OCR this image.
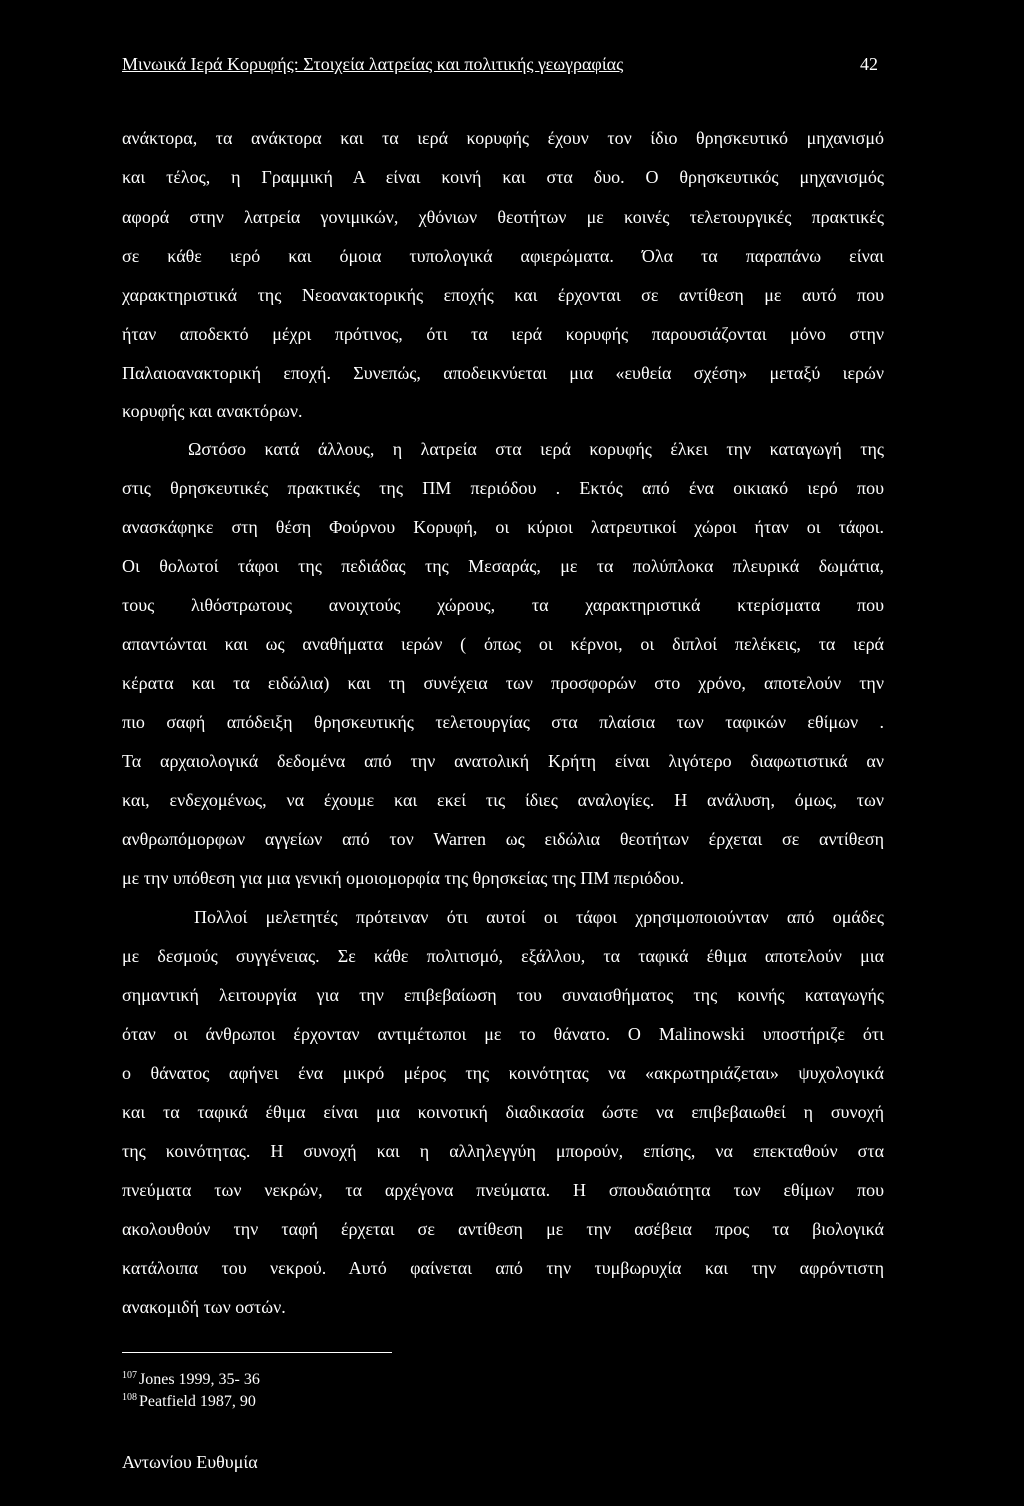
Μινωικά Ιερά Κορυφής: Στοιχεία λατρείας και πολιτικής γεωγραφίας	42
ανάκτορα, τα ανάκτορα και τα ιερά κορυφής έχουν τον ίδιο θρησκευτικό μηχανισμό
και τέλος, η Γραμμική Α είναι κοινή και στα δυο. Ο θρησκευτικός μηχανισμός
αφορά στην λατρεία γονιμικών, χθόνιων θεοτήτων με κοινές τελετουργικές πρακτικές
σε κάθε ιερό και όμοια τυπολογικά αφιερώματα. Όλα τα παραπάνω είναι
χαρακτηριστικά της Νεοανακτορικής εποχής και έρχονται σε αντίθεση με αυτό που
ήταν αποδεκτό μέχρι πρότινος, ότι τα ιερά κορυφής παρουσιάζονται μόνο στην
Παλαιοανακτορική εποχή. Συνεπώς, αποδεικνύεται μια «ευθεία σχέση» μεταξύ ιερών
κορυφής και ανακτόρων.
Ωστόσο κατά άλλους, η λατρεία στα ιερά κορυφής έλκει την καταγωγή της
στις θρησκευτικές πρακτικές της ΠΜ περιόδου . Εκτός από ένα οικιακό ιερό που
ανασκάφηκε στη θέση Φούρνου Κορυφή, οι κύριοι λατρευτικοί χώροι ήταν οι τάφοι.
Οι θολωτοί τάφοι της πεδιάδας της Μεσαράς, με τα πολύπλοκα πλευρικά δωμάτια,
τους λιθόστρωτους ανοιχτούς χώρους, τα χαρακτηριστικά κτερίσματα που
απαντώνται και ως αναθήματα ιερών ( όπως οι κέρνοι, οι διπλοί πελέκεις, τα ιερά
κέρατα και τα ειδώλια) και τη συνέχεια των προσφορών στο χρόνο, αποτελούν την
πιο σαφή απόδειξη θρησκευτικής τελετουργίας στα πλαίσια των ταφικών εθίμων .
Τα αρχαιολογικά δεδομένα από την ανατολική Κρήτη είναι λιγότερο διαφωτιστικά αν
και, ενδεχομένως, να έχουμε και εκεί τις ίδιες αναλογίες. Η ανάλυση, όμως, των
ανθρωπόμορφων αγγείων από τον Warren ως ειδώλια θεοτήτων έρχεται σε αντίθεση
με την υπόθεση για μια γενική ομοιομορφία της θρησκείας της ΠΜ περιόδου.
Πολλοί μελετητές πρότειναν ότι αυτοί οι τάφοι χρησιμοποιούνταν από ομάδες
με δεσμούς συγγένειας. Σε κάθε πολιτισμό, εξάλλου, τα ταφικά έθιμα αποτελούν μια
σημαντική λειτουργία για την επιβεβαίωση του συναισθήματος της κοινής καταγωγής
όταν οι άνθρωποι έρχονταν αντιμέτωποι με το θάνατο. Ο Malinowski υποστήριζε ότι
ο θάνατος αφήνει ένα μικρό μέρος της κοινότητας να «ακρωτηριάζεται» ψυχολογικά
και τα ταφικά έθιμα είναι μια κοινοτική διαδικασία ώστε να επιβεβαιωθεί η συνοχή
της κοινότητας. Η συνοχή και η αλληλεγγύη μπορούν, επίσης, να επεκταθούν στα
πνεύματα των νεκρών, τα αρχέγονα πνεύματα. Η σπουδαιότητα των εθίμων που
ακολουθούν την ταφή έρχεται σε αντίθεση με την ασέβεια προς τα βιολογικά
κατάλοιπα του νεκρού. Αυτό φαίνεται από την τυμβωρυχία και την αφρόντιστη
ανακομιδή των οστών.
$^{107}$ Jones 1999, 35- 36
$^{108}$ Peatfield 1987, 90
Αντωνίου Ευθυμία
